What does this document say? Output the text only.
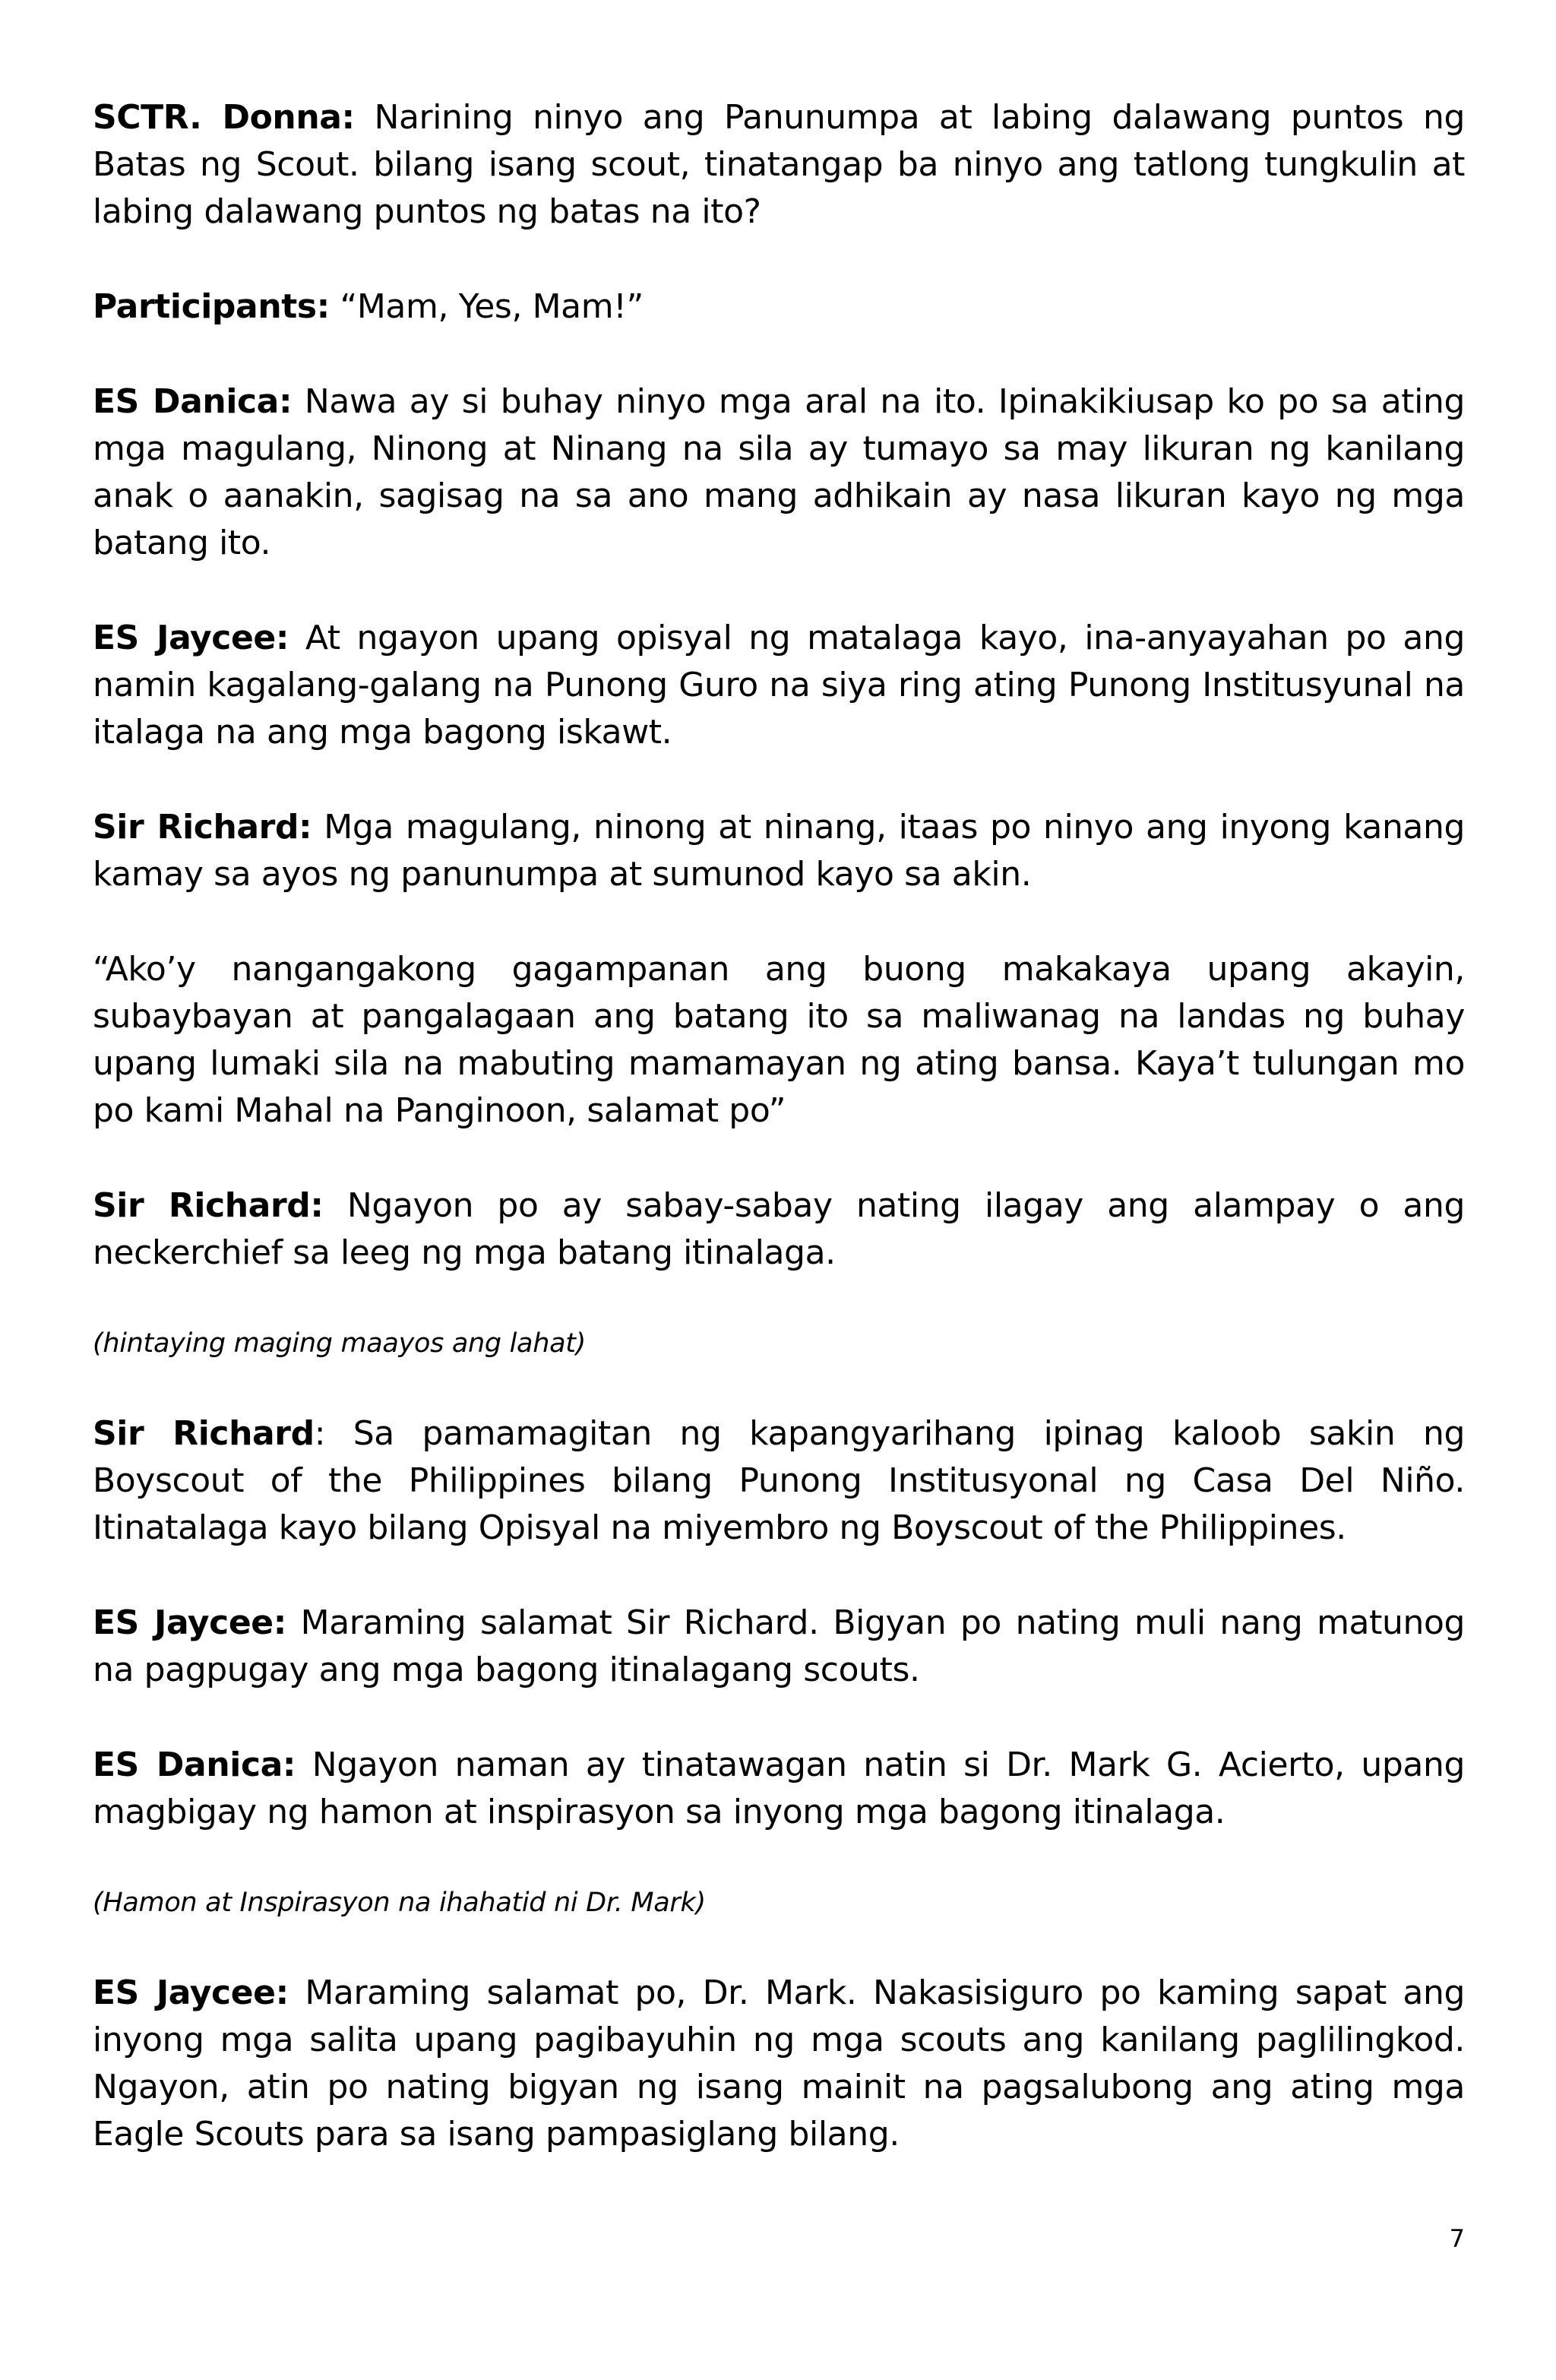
SCTR. Donna: Narining ninyo ang Panunumpa at labing dalawang puntos ng Batas ng Scout. bilang isang scout, tinatangap ba ninyo ang tatlong tungkulin at labing dalawang puntos ng batas na ito?

Participants: “Mam, Yes, Mam!”

ES Danica: Nawa ay si buhay ninyo mga aral na ito. Ipinakikiusap ko po sa ating mga magulang, Ninong at Ninang na sila ay tumayo sa may likuran ng kanilang anak o aanakin, sagisag na sa ano mang adhikain ay nasa likuran kayo ng mga batang ito.

ES Jaycee: At ngayon upang opisyal ng matalaga kayo, ina-anyayahan po ang namin kagalang-galang na Punong Guro na siya ring ating Punong Institusyunal na italaga na ang mga bagong iskawt.

Sir Richard: Mga magulang, ninong at ninang, itaas po ninyo ang inyong kanang kamay sa ayos ng panunumpa at sumunod kayo sa akin.

“Ako’y nangangakong gagampanan ang buong makakaya upang akayin, subaybayan at pangalagaan ang batang ito sa maliwanag na landas ng buhay upang lumaki sila na mabuting mamamayan ng ating bansa. Kaya’t tulungan mo po kami Mahal na Panginoon, salamat po”

Sir Richard: Ngayon po ay sabay-sabay nating ilagay ang alampay o ang neckerchief sa leeg ng mga batang itinalaga.

(hintaying maging maayos ang lahat)

Sir Richard: Sa pamamagitan ng kapangyarihang ipinag kaloob sakin ng Boyscout of the Philippines bilang Punong Institusyonal ng Casa Del Niño. Itinatalaga kayo bilang Opisyal na miyembro ng Boyscout of the Philippines.

ES Jaycee: Maraming salamat Sir Richard. Bigyan po nating muli nang matunog na pagpugay ang mga bagong itinalagang scouts.

ES Danica: Ngayon naman ay tinatawagan natin si Dr. Mark G. Acierto, upang magbigay ng hamon at inspirasyon sa inyong mga bagong itinalaga.

(Hamon at Inspirasyon na ihahatid ni Dr. Mark)

ES Jaycee: Maraming salamat po, Dr. Mark. Nakasisiguro po kaming sapat ang inyong mga salita upang pagibayuhin ng mga scouts ang kanilang paglilingkod. Ngayon, atin po nating bigyan ng isang mainit na pagsalubong ang ating mga Eagle Scouts para sa isang pampasiglang bilang.

7
